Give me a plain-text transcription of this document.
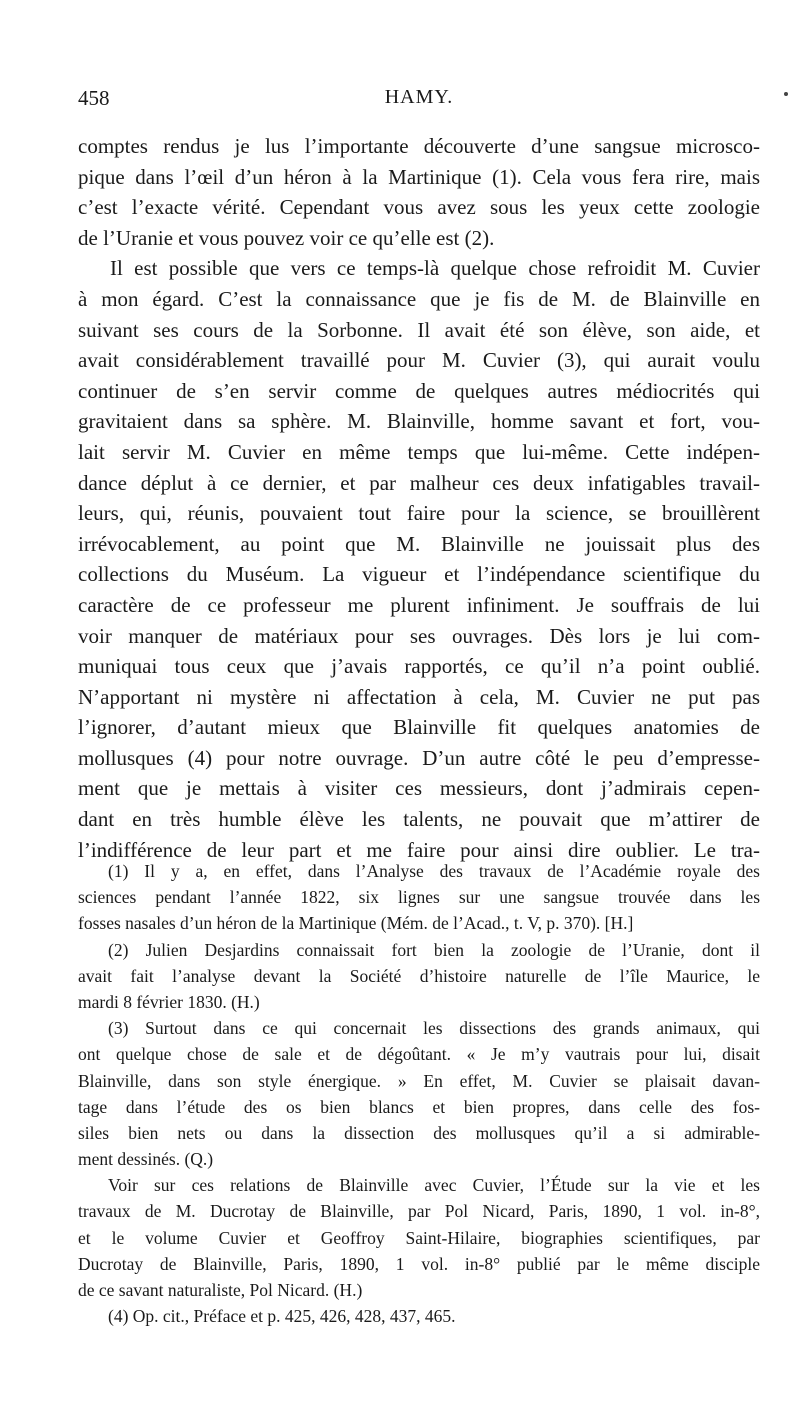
458	HAMY.
comptes rendus je lus l’importante découverte d’une sangsue microsco-
pique dans l’œil d’un héron à la Martinique (1). Cela vous fera rire, mais
c’est l’exacte vérité. Cependant vous avez sous les yeux cette zoologie
de l’Uranie et vous pouvez voir ce qu’elle est (2).
Il est possible que vers ce temps-là quelque chose refroidit M. Cuvier
à mon égard. C’est la connaissance que je fis de M. de Blainville en
suivant ses cours de la Sorbonne. Il avait été son élève, son aide, et
avait considérablement travaillé pour M. Cuvier (3), qui aurait voulu
continuer de s’en servir comme de quelques autres médiocrités qui
gravitaient dans sa sphère. M. Blainville, homme savant et fort, vou-
lait servir M. Cuvier en même temps que lui-même. Cette indépen-
dance déplut à ce dernier, et par malheur ces deux infatigables travail-
leurs, qui, réunis, pouvaient tout faire pour la science, se brouillèrent
irrévocablement, au point que M. Blainville ne jouissait plus des
collections du Muséum. La vigueur et l’indépendance scientifique du
caractère de ce professeur me plurent infiniment. Je souffrais de lui
voir manquer de matériaux pour ses ouvrages. Dès lors je lui com-
muniquai tous ceux que j’avais rapportés, ce qu’il n’a point oublié.
N’apportant ni mystère ni affectation à cela, M. Cuvier ne put pas
l’ignorer, d’autant mieux que Blainville fit quelques anatomies de
mollusques (4) pour notre ouvrage. D’un autre côté le peu d’empresse-
ment que je mettais à visiter ces messieurs, dont j’admirais cepen-
dant en très humble élève les talents, ne pouvait que m’attirer de
l’indifférence de leur part et me faire pour ainsi dire oublier. Le tra-
(1) Il y a, en effet, dans l’Analyse des travaux de l’Académie royale des
sciences pendant l’année 1822, six lignes sur une sangsue trouvée dans les
fosses nasales d’un héron de la Martinique (Mém. de l’Acad., t. V, p. 370). [H.]
(2) Julien Desjardins connaissait fort bien la zoologie de l’Uranie, dont il
avait fait l’analyse devant la Société d’histoire naturelle de l’île Maurice, le
mardi 8 février 1830. (H.)
(3) Surtout dans ce qui concernait les dissections des grands animaux, qui
ont quelque chose de sale et de dégoûtant. « Je m’y vautrais pour lui, disait
Blainville, dans son style énergique. » En effet, M. Cuvier se plaisait davan-
tage dans l’étude des os bien blancs et bien propres, dans celle des fos-
siles bien nets ou dans la dissection des mollusques qu’il a si admirable-
ment dessinés. (Q.)
Voir sur ces relations de Blainville avec Cuvier, l’Étude sur la vie et les
travaux de M. Ducrotay de Blainville, par Pol Nicard, Paris, 1890, 1 vol. in-8°,
et le volume Cuvier et Geoffroy Saint-Hilaire, biographies scientifiques, par
Ducrotay de Blainville, Paris, 1890, 1 vol. in-8° publié par le même disciple
de ce savant naturaliste, Pol Nicard. (H.)
(4) Op. cit., Préface et p. 425, 426, 428, 437, 465.
